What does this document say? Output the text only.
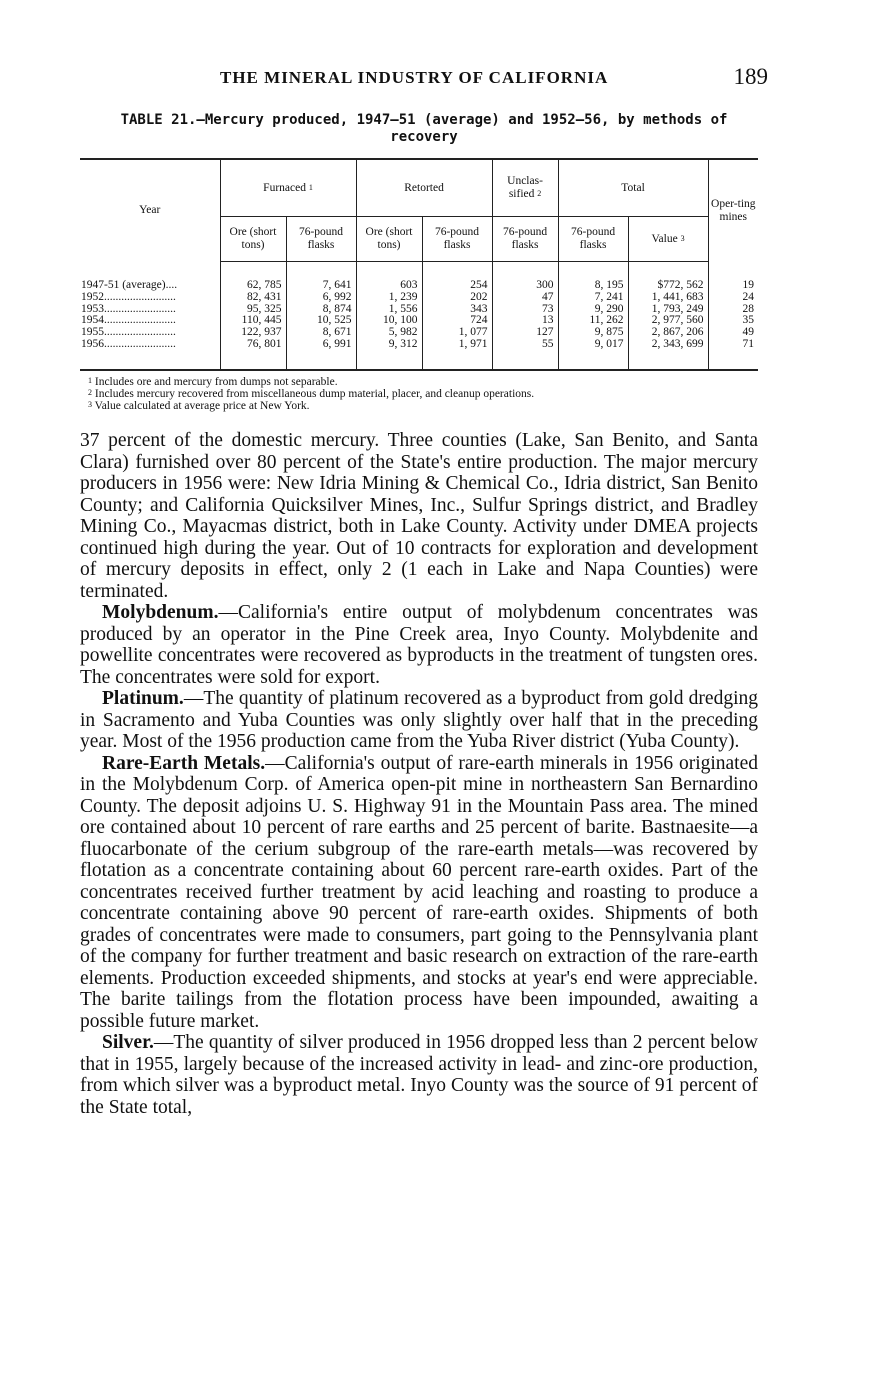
THE MINERAL INDUSTRY OF CALIFORNIA	189
TABLE 21.—Mercury produced, 1947–51 (average) and 1952–56, by methods of
recovery
Year	Furnaced $^1$		Retorted		Unclas-sified $^2$	Total		Oper-ting mines
	Ore (short tons)	76-pound flasks	Ore (short tons)	76-pound flasks	76-pound flasks	76-pound flasks	Value $^3$
1947-51 (average)....	62, 785	7, 641	603	254	300	8, 195	$772, 562	19
1952.........................	82, 431	6, 992	1, 239	202	47	7, 241	1, 441, 683	24
1953.........................	95, 325	8, 874	1, 556	343	73	9, 290	1, 793, 249	28
1954.........................	110, 445	10, 525	10, 100	724	13	11, 262	2, 977, 560	35
1955.........................	122, 937	8, 671	5, 982	1, 077	127	9, 875	2, 867, 206	49
1956.........................	76, 801	6, 991	9, 312	1, 971	55	9, 017	2, 343, 699	71
$^1$ Includes ore and mercury from dumps not separable.
$^2$ Includes mercury recovered from miscellaneous dump material, placer, and cleanup operations.
$^3$ Value calculated at average price at New York.

37 percent of the domestic mercury. Three counties (Lake, San Benito, and Santa Clara) furnished over 80 percent of the State's entire production. The major mercury producers in 1956 were: New Idria Mining & Chemical Co., Idria district, San Benito County; and California Quicksilver Mines, Inc., Sulfur Springs district, and Bradley Mining Co., Mayacmas district, both in Lake County. Activity under DMEA projects continued high during the year. Out of 10 contracts for exploration and development of mercury deposits in effect, only 2 (1 each in Lake and Napa Counties) were terminated.

Molybdenum.—California's entire output of molybdenum concentrates was produced by an operator in the Pine Creek area, Inyo County. Molybdenite and powellite concentrates were recovered as byproducts in the treatment of tungsten ores. The concentrates were sold for export.

Platinum.—The quantity of platinum recovered as a byproduct from gold dredging in Sacramento and Yuba Counties was only slightly over half that in the preceding year. Most of the 1956 production came from the Yuba River district (Yuba County).

Rare-Earth Metals.—California's output of rare-earth minerals in 1956 originated in the Molybdenum Corp. of America open-pit mine in northeastern San Bernardino County. The deposit adjoins U. S. Highway 91 in the Mountain Pass area. The mined ore contained about 10 percent of rare earths and 25 percent of barite. Bastnaesite—a fluocarbonate of the cerium subgroup of the rare-earth metals—was recovered by flotation as a concentrate containing about 60 percent rare-earth oxides. Part of the concentrates received further treatment by acid leaching and roasting to produce a concentrate containing above 90 percent of rare-earth oxides. Shipments of both grades of concentrates were made to consumers, part going to the Pennsylvania plant of the company for further treatment and basic research on extraction of the rare-earth elements. Production exceeded shipments, and stocks at year's end were appreciable. The barite tailings from the flotation process have been impounded, awaiting a possible future market.

Silver.—The quantity of silver produced in 1956 dropped less than 2 percent below that in 1955, largely because of the increased activity in lead- and zinc-ore production, from which silver was a byproduct metal. Inyo County was the source of 91 percent of the State total,
